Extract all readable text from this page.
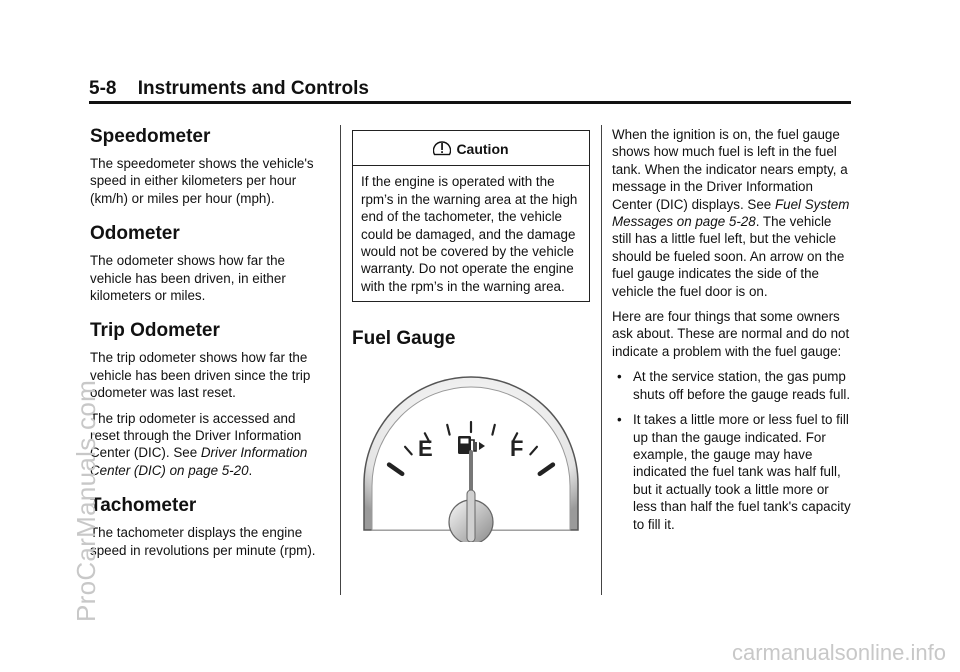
5-8 Instruments and Controls
Speedometer

The speedometer shows the vehicle's speed in either kilometers per hour (km/h) or miles per hour (mph).

Odometer

The odometer shows how far the vehicle has been driven, in either kilometers or miles.

Trip Odometer

The trip odometer shows how far the vehicle has been driven since the trip odometer was last reset.

The trip odometer is accessed and reset through the Driver Information Center (DIC). See Driver Information Center (DIC) on page 5-20.

Tachometer

The tachometer displays the engine speed in revolutions per minute (rpm).

Caution
If the engine is operated with the rpm’s in the warning area at the high end of the tachometer, the vehicle could be damaged, and the damage would not be covered by the vehicle warranty. Do not operate the engine with the rpm’s in the warning area.
Fuel Gauge
E	F

When the ignition is on, the fuel gauge shows how much fuel is left in the fuel tank. When the indicator nears empty, a message in the Driver Information Center (DIC) displays. See Fuel System Messages on page 5-28. The vehicle still has a little fuel left, but the vehicle should be fueled soon. An arrow on the fuel gauge indicates the side of the vehicle the fuel door is on.

Here are four things that some owners ask about. These are normal and do not indicate a problem with the fuel gauge:

• At the service station, the gas pump shuts off before the gauge reads full.
• It takes a little more or less fuel to fill up than the gauge indicated. For example, the gauge may have indicated the fuel tank was half full, but it actually took a little more or less than half the fuel tank's capacity to fill it.
ProCarManuals.com
carmanualsonline.info
